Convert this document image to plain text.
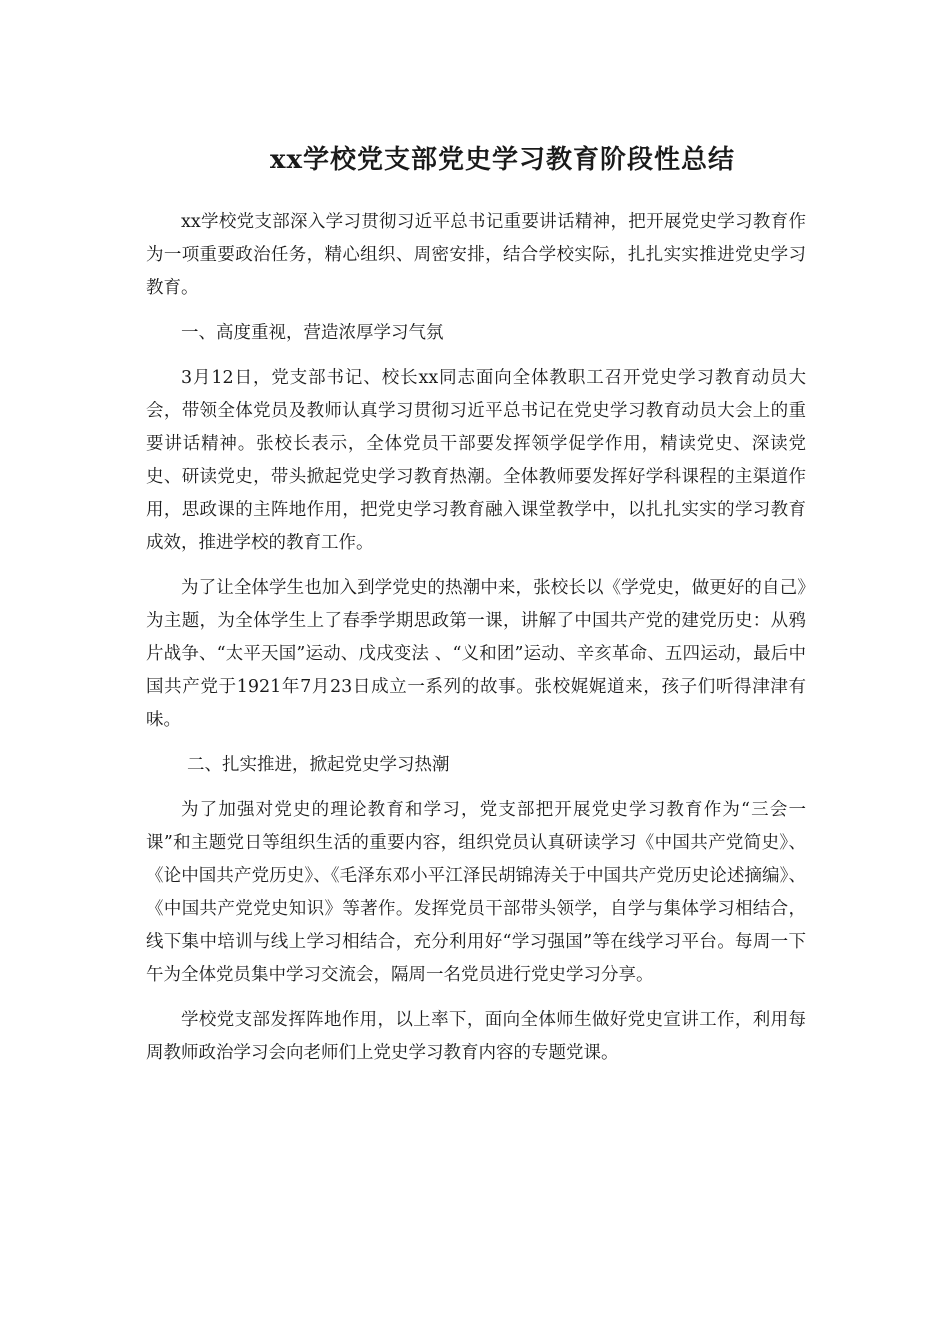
xx学校党支部党史学习教育阶段性总结

xx学校党支部深入学习贯彻习近平总书记重要讲话精神，把开展党史学习教育作为一项重要政治任务，精心组织、周密安排，结合学校实际，扎扎实实推进党史学习教育。

一、高度重视，营造浓厚学习气氛

3月12日，党支部书记、校长xx同志面向全体教职工召开党史学习教育动员大会，带领全体党员及教师认真学习贯彻习近平总书记在党史学习教育动员大会上的重要讲话精神。张校长表示，全体党员干部要发挥领学促学作用，精读党史、深读党史、研读党史，带头掀起党史学习教育热潮。全体教师要发挥好学科课程的主渠道作用，思政课的主阵地作用，把党史学习教育融入课堂教学中，以扎扎实实的学习教育成效，推进学校的教育工作。

为了让全体学生也加入到学党史的热潮中来，张校长以《学党史，做更好的自己》为主题，为全体学生上了春季学期思政第一课，讲解了中国共产党的建党历史：从鸦片战争、“太平天国”运动、戊戌变法 、“义和团”运动、辛亥革命、五四运动，最后中国共产党于1921年7月23日成立一系列的故事。张校娓娓道来，孩子们听得津津有味。

二、扎实推进，掀起党史学习热潮

为了加强对党史的理论教育和学习，党支部把开展党史学习教育作为“三会一课”和主题党日等组织生活的重要内容，组织党员认真研读学习《中国共产党简史》、《论中国共产党历史》、《毛泽东邓小平江泽民胡锦涛关于中国共产党历史论述摘编》、《中国共产党党史知识》等著作。发挥党员干部带头领学，自学与集体学习相结合，线下集中培训与线上学习相结合，充分利用好“学习强国”等在线学习平台。每周一下午为全体党员集中学习交流会，隔周一名党员进行党史学习分享。

学校党支部发挥阵地作用，以上率下，面向全体师生做好党史宣讲工作，利用每周教师政治学习会向老师们上党史学习教育内容的专题党课。
